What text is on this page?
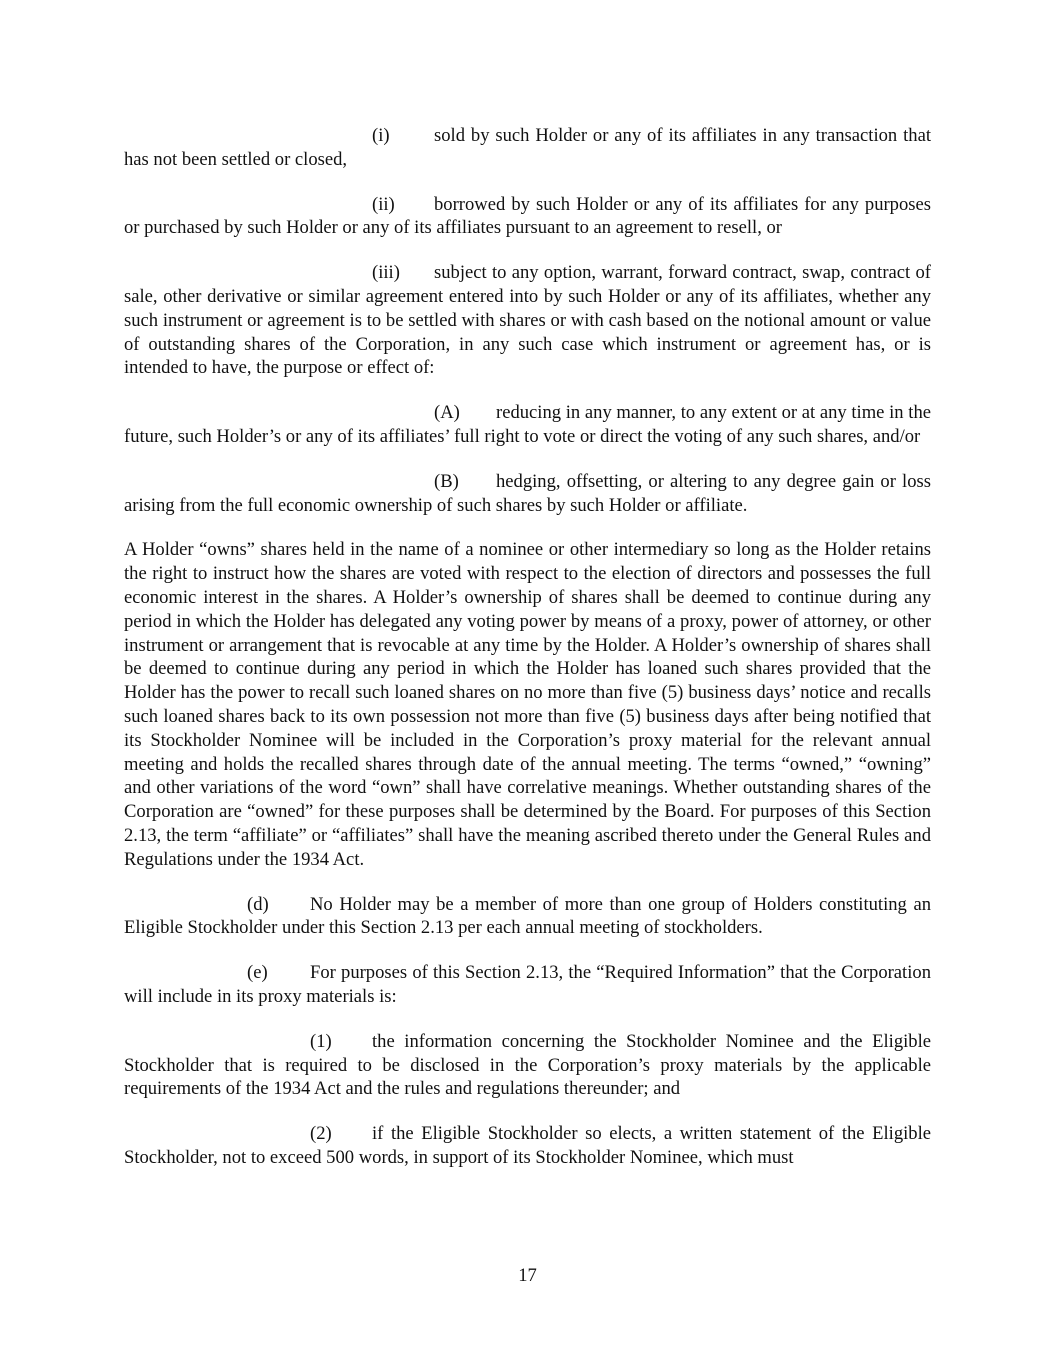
(i) sold by such Holder or any of its affiliates in any transaction that has not been settled or closed,

(ii) borrowed by such Holder or any of its affiliates for any purposes or purchased by such Holder or any of its affiliates pursuant to an agreement to resell, or

(iii) subject to any option, warrant, forward contract, swap, contract of sale, other derivative or similar agreement entered into by such Holder or any of its affiliates, whether any such instrument or agreement is to be settled with shares or with cash based on the notional amount or value of outstanding shares of the Corporation, in any such case which instrument or agreement has, or is intended to have, the purpose or effect of:

(A) reducing in any manner, to any extent or at any time in the future, such Holder’s or any of its affiliates’ full right to vote or direct the voting of any such shares, and/or

(B) hedging, offsetting, or altering to any degree gain or loss arising from the full economic ownership of such shares by such Holder or affiliate.

A Holder “owns” shares held in the name of a nominee or other intermediary so long as the Holder retains the right to instruct how the shares are voted with respect to the election of directors and possesses the full economic interest in the shares. A Holder’s ownership of shares shall be deemed to continue during any period in which the Holder has delegated any voting power by means of a proxy, power of attorney, or other instrument or arrangement that is revocable at any time by the Holder. A Holder’s ownership of shares shall be deemed to continue during any period in which the Holder has loaned such shares provided that the Holder has the power to recall such loaned shares on no more than five (5) business days’ notice and recalls such loaned shares back to its own possession not more than five (5) business days after being notified that its Stockholder Nominee will be included in the Corporation’s proxy material for the relevant annual meeting and holds the recalled shares through date of the annual meeting. The terms “owned,” “owning” and other variations of the word “own” shall have correlative meanings. Whether outstanding shares of the Corporation are “owned” for these purposes shall be determined by the Board. For purposes of this Section 2.13, the term “affiliate” or “affiliates” shall have the meaning ascribed thereto under the General Rules and Regulations under the 1934 Act.

(d) No Holder may be a member of more than one group of Holders constituting an Eligible Stockholder under this Section 2.13 per each annual meeting of stockholders.

(e) For purposes of this Section 2.13, the “Required Information” that the Corporation will include in its proxy materials is:

(1) the information concerning the Stockholder Nominee and the Eligible Stockholder that is required to be disclosed in the Corporation’s proxy materials by the applicable requirements of the 1934 Act and the rules and regulations thereunder; and

(2) if the Eligible Stockholder so elects, a written statement of the Eligible Stockholder, not to exceed 500 words, in support of its Stockholder Nominee, which must

17
